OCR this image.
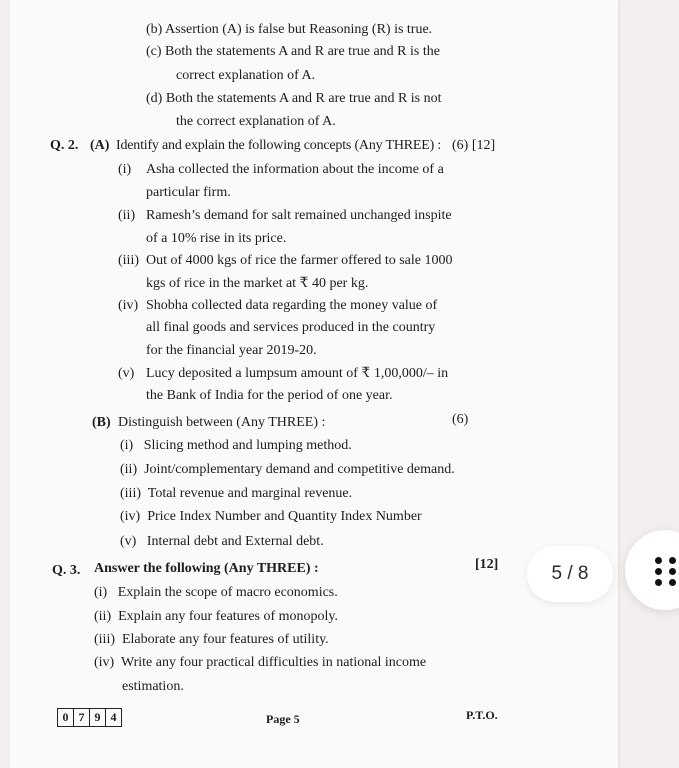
(b) Assertion (A) is false but Reasoning (R) is true.
(c) Both the statements A and R are true and R is the
correct explanation of A.
(d) Both the statements A and R are true and R is not
the correct explanation of A.
Q. 2. (A) Identify and explain the following concepts (Any THREE) : (6) [12]
(i) Asha collected the information about the income of a
particular firm.
(ii) Ramesh’s demand for salt remained unchanged inspite
of a 10% rise in its price.
(iii) Out of 4000 kgs of rice the farmer offered to sale 1000
kgs of rice in the market at ₹ 40 per kg.
(iv) Shobha collected data regarding the money value of
all final goods and services produced in the country
for the financial year 2019-20.
(v) Lucy deposited a lumpsum amount of ₹ 1,00,000/– in
the Bank of India for the period of one year.
(B) Distinguish between (Any THREE) :	(6)
(i)   Slicing method and lumping method.
(ii)  Joint/complementary demand and competitive demand.
(iii)  Total revenue and marginal revenue.
(iv)  Price Index Number and Quantity Index Number
(v)   Internal debt and External debt.
Q. 3. Answer the following (Any THREE) :	[12]
(i)   Explain the scope of macro economics.
(ii)  Explain any four features of monopoly.
(iii)  Elaborate any four features of utility.
(iv)  Write any four practical difficulties in national income
estimation.
0 7 9 4	Page 5	P.T.O.
5 / 8
